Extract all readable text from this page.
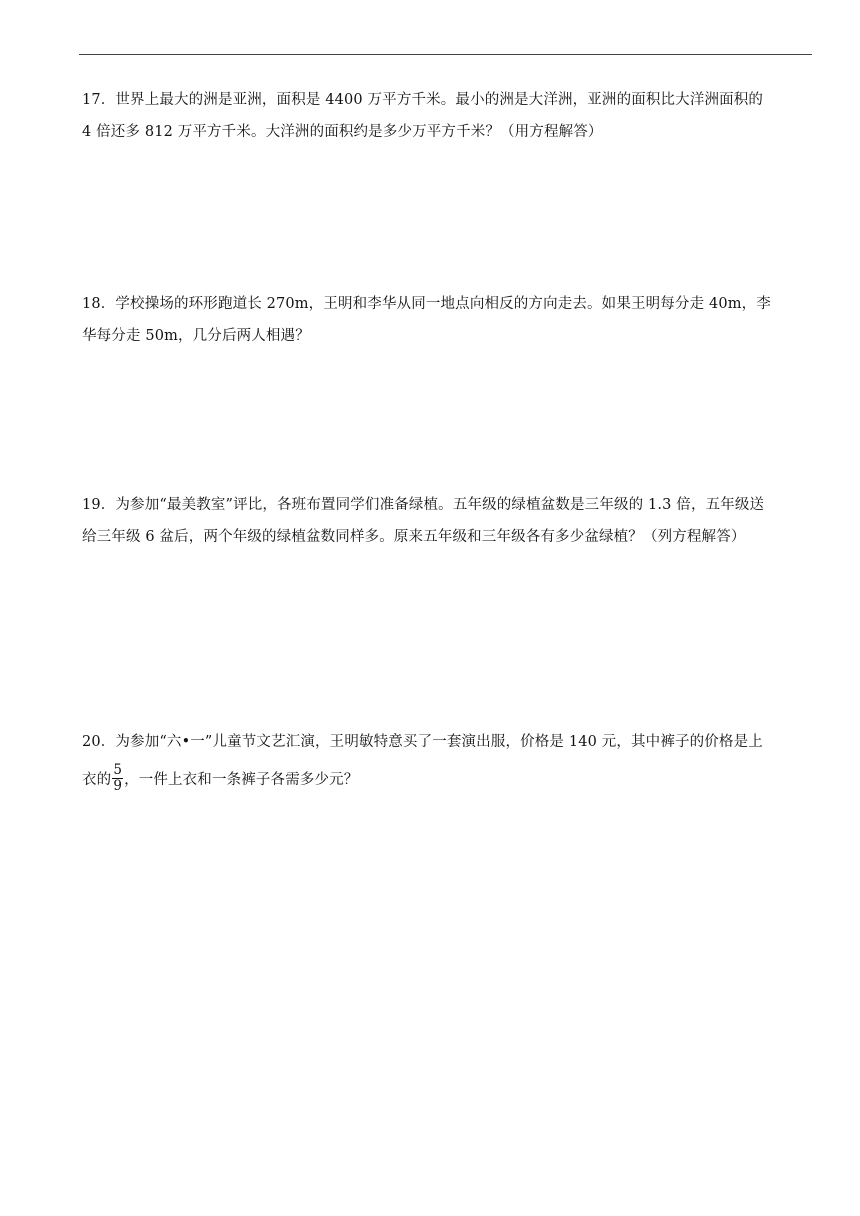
17．世界上最大的洲是亚洲，面积是 4400 万平方千米。最小的洲是大洋洲，亚洲的面积比大洋洲面积的
4 倍还多 812 万平方千米。大洋洲的面积约是多少万平方千米？（用方程解答）
18．学校操场的环形跑道长 270m，王明和李华从同一地点向相反的方向走去。如果王明每分走 40m，李
华每分走 50m，几分后两人相遇？
19．为参加“最美教室”评比，各班布置同学们准备绿植。五年级的绿植盆数是三年级的 1.3 倍，五年级送
给三年级 6 盆后，两个年级的绿植盆数同样多。原来五年级和三年级各有多少盆绿植？（列方程解答）
20．为参加“六•一”儿童节文艺汇演，王明敏特意买了一套演出服，价格是 140 元，其中裤子的价格是上
衣的 $\frac{5}{9}$ ，一件上衣和一条裤子各需多少元？
